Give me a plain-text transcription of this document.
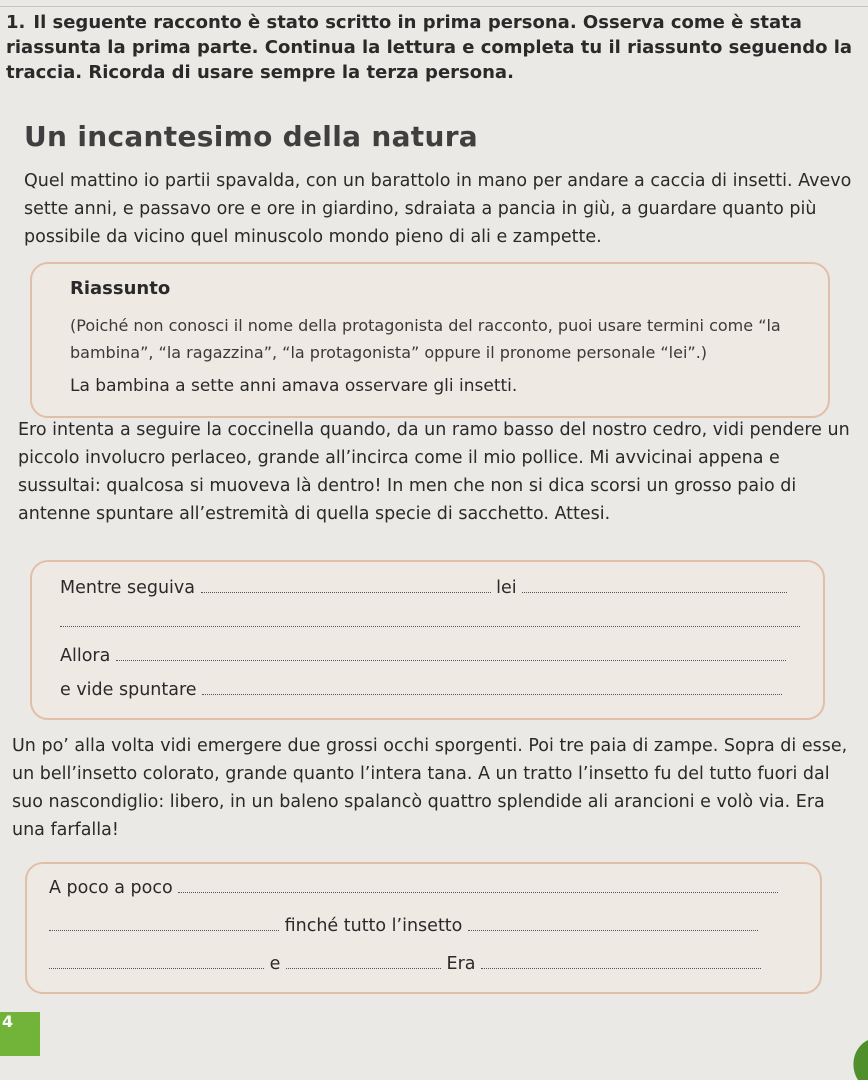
1. Il seguente racconto è stato scritto in prima persona. Osserva come è stata riassunta la prima parte. Continua la lettura e completa tu il riassunto seguendo la traccia. Ricorda di usare sempre la terza persona.
Un incantesimo della natura
Quel mattino io partii spavalda, con un barattolo in mano per andare a caccia di insetti. Avevo sette anni, e passavo ore e ore in giardino, sdraiata a pancia in giù, a guardare quanto più possibile da vicino quel minuscolo mondo pieno di ali e zampette.
Riassunto
(Poiché non conosci il nome della protagonista del racconto, puoi usare termini come “la bambina”, “la ragazzina”, “la protagonista” oppure il pronome personale “lei”.)
La bambina a sette anni amava osservare gli insetti.
Ero intenta a seguire la coccinella quando, da un ramo basso del nostro cedro, vidi pendere un piccolo involucro perlaceo, grande all’incirca come il mio pollice. Mi avvicinai appena e sussultai: qualcosa si muoveva là dentro! In men che non si dica scorsi un grosso paio di antenne spuntare all’estremità di quella specie di sacchetto. Attesi.
Mentre seguiva	lei
Allora
e vide spuntare
Un po’ alla volta vidi emergere due grossi occhi sporgenti. Poi tre paia di zampe. Sopra di esse, un bell’insetto colorato, grande quanto l’intera tana. A un tratto l’insetto fu del tutto fuori dal suo nascondiglio: libero, in un baleno spalancò quattro splendide ali arancioni e volò via. Era una farfalla!
A poco a poco
finché tutto l’insetto
e	Era
4
